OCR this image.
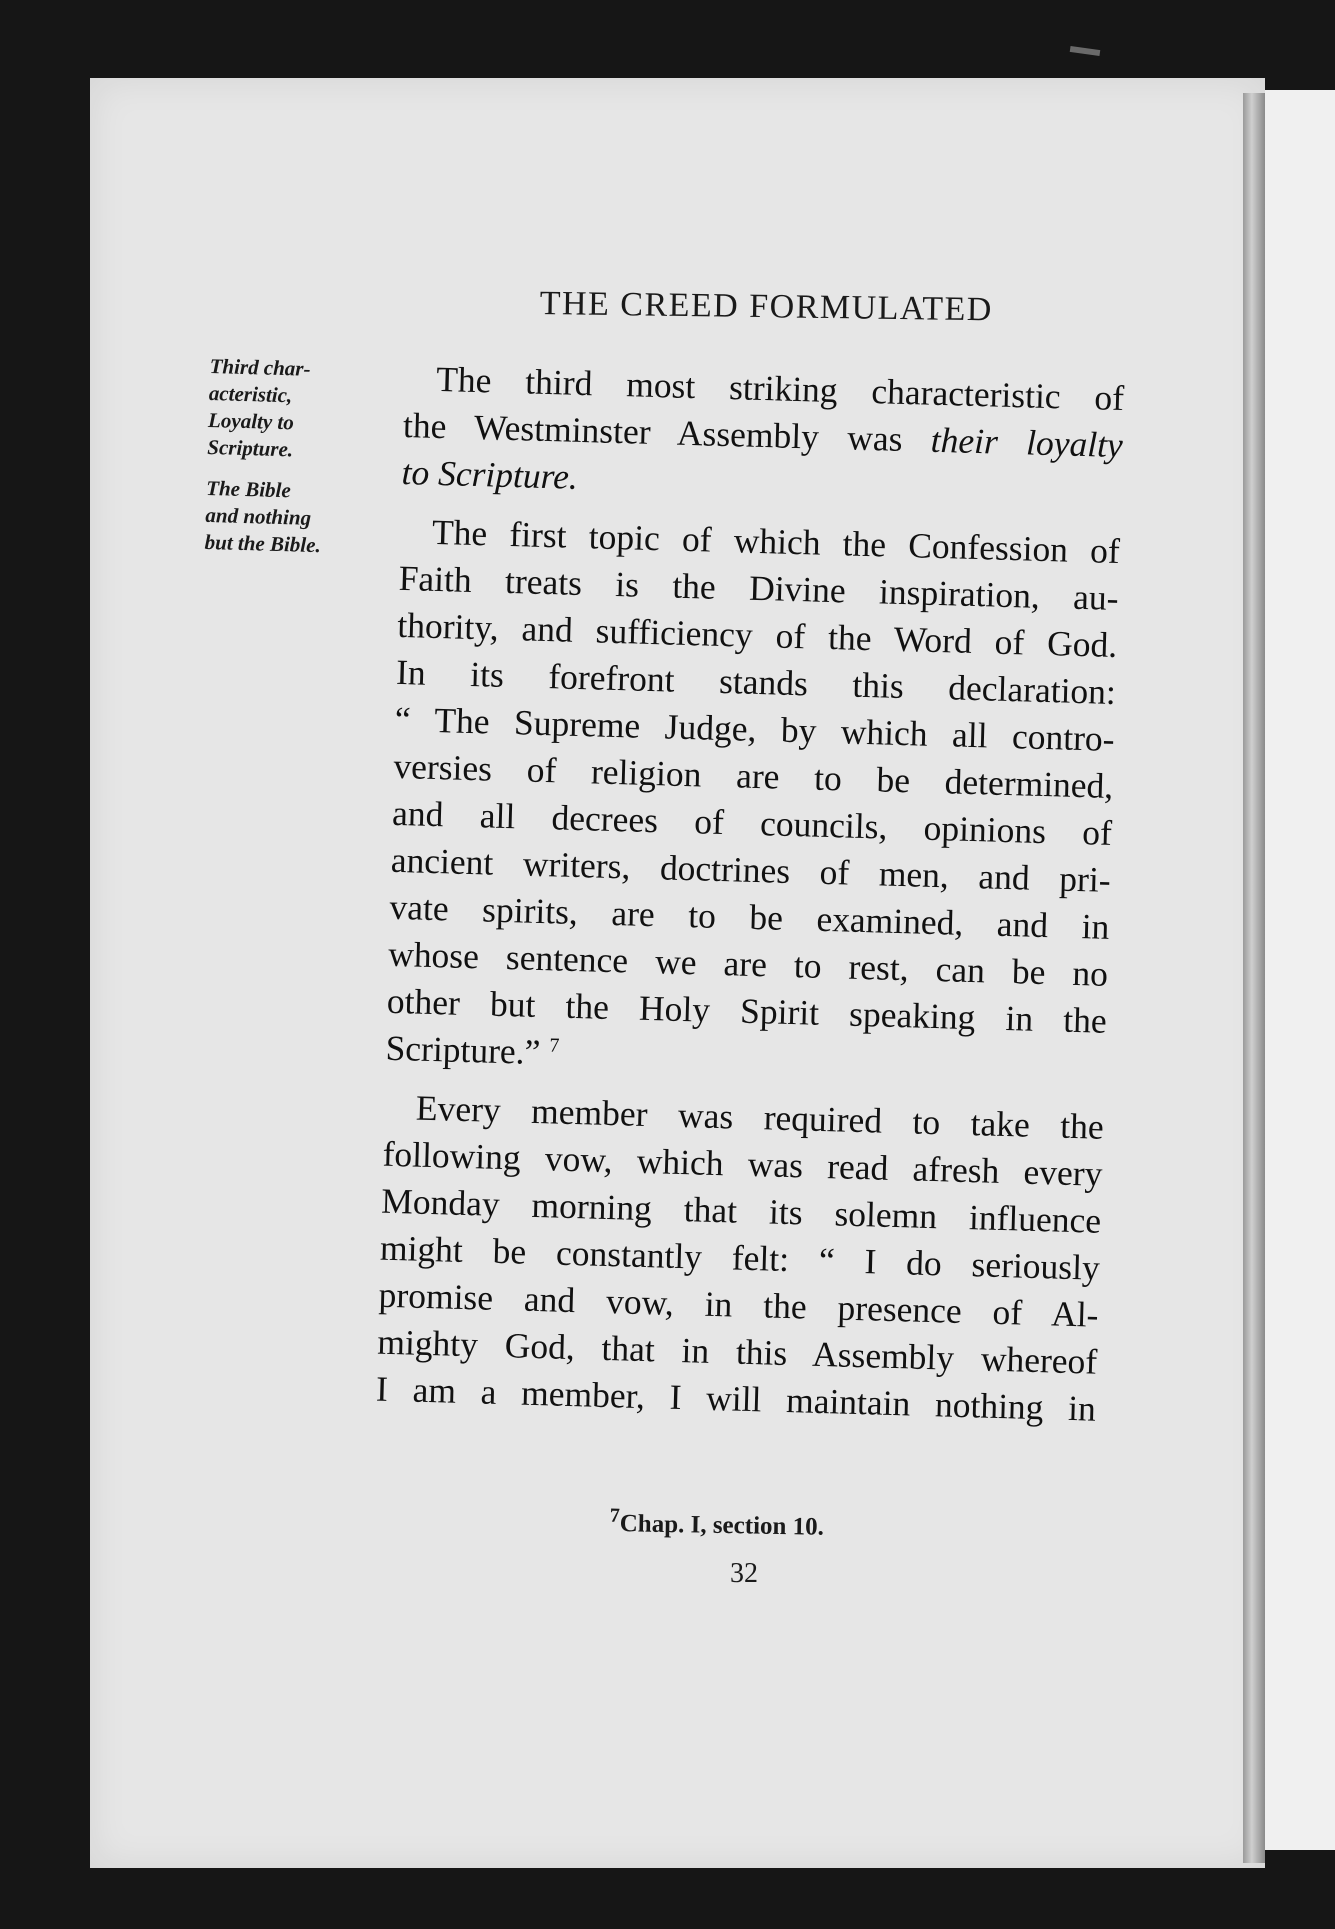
THE CREED FORMULATED
Third char-
acteristic,
Loyalty to
Scripture.
The Bible
and nothing
but the Bible.
The third most striking characteristic of
the Westminster Assembly was their loyalty
to Scripture.
The first topic of which the Confession of
Faith treats is the Divine inspiration, au-
thority, and sufficiency of the Word of God.
In its forefront stands this declaration:
“ The Supreme Judge, by which all contro-
versies of religion are to be determined,
and all decrees of councils, opinions of
ancient writers, doctrines of men, and pri-
vate spirits, are to be examined, and in
whose sentence we are to rest, can be no
other but the Holy Spirit speaking in the
Scripture.” $^7$
Every member was required to take the
following vow, which was read afresh every
Monday morning that its solemn influence
might be constantly felt: “ I do seriously
promise and vow, in the presence of Al-
mighty God, that in this Assembly whereof
I am a member, I will maintain nothing in
$^7$Chap. I, section 10.
32
